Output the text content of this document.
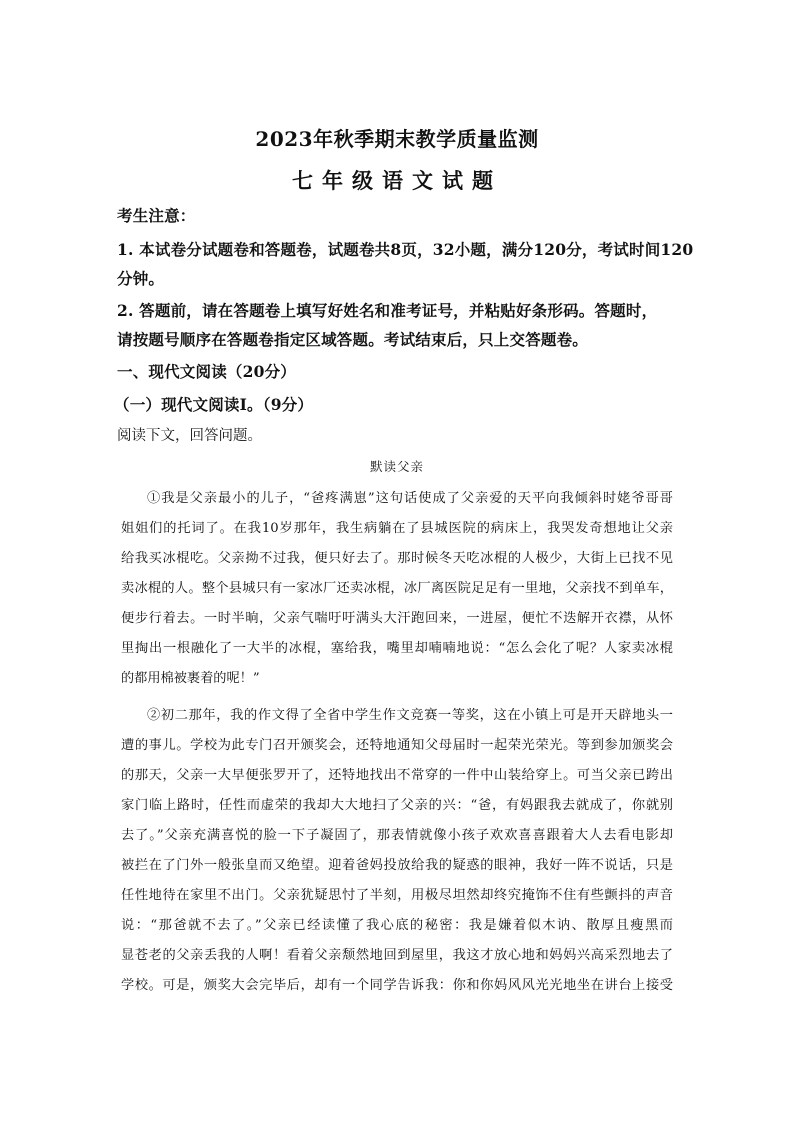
2023年秋季期末教学质量监测
七年级语文试题
考生注意：
1. 本试卷分试题卷和答题卷，试题卷共8页，32小题，满分120分，考试时间120
分钟。
2. 答题前，请在答题卷上填写好姓名和准考证号，并粘贴好条形码。答题时，
请按题号顺序在答题卷指定区域答题。考试结束后，只上交答题卷。
一、现代文阅读（20分）
（一）现代文阅读Ⅰ。（9分）
阅读下文，回答问题。
默读父亲
①我是父亲最小的儿子，“爸疼满崽”这句话使成了父亲爱的天平向我倾斜时姥爷哥哥
姐姐们的托词了。在我10岁那年，我生病躺在了县城医院的病床上，我哭发奇想地让父亲
给我买冰棍吃。父亲拗不过我，便只好去了。那时候冬天吃冰棍的人极少，大街上已找不见
卖冰棍的人。整个县城只有一家冰厂还卖冰棍，冰厂离医院足足有一里地，父亲找不到单车，
便步行着去。一时半晌，父亲气喘吁吁满头大汗跑回来，一进屋，便忙不迭解开衣襟，从怀
里掏出一根融化了一大半的冰棍，塞给我，嘴里却喃喃地说：“怎么会化了呢？人家卖冰棍
的都用棉被裹着的呢！”
②初二那年，我的作文得了全省中学生作文竞赛一等奖，这在小镇上可是开天辟地头一
遭的事儿。学校为此专门召开颁奖会，还特地通知父母届时一起荣光荣光。等到参加颁奖会
的那天，父亲一大早便张罗开了，还特地找出不常穿的一件中山装给穿上。可当父亲已跨出
家门临上路时，任性而虚荣的我却大大地扫了父亲的兴：“爸，有妈跟我去就成了，你就别
去了。”父亲充满喜悦的脸一下子凝固了，那表情就像小孩子欢欢喜喜跟着大人去看电影却
被拦在了门外一般张皇而又绝望。迎着爸妈投放给我的疑惑的眼神，我好一阵不说话，只是
任性地待在家里不出门。父亲犹疑思忖了半刻，用极尽坦然却终究掩饰不住有些颤抖的声音
说：“那爸就不去了。”父亲已经读懂了我心底的秘密：我是嫌着似木讷、散厚且瘦黑而
显苍老的父亲丢我的人啊！看着父亲颓然地回到屋里，我这才放心地和妈妈兴高采烈地去了
学校。可是，颁奖大会完毕后，却有一个同学告诉我：你和你妈风风光光地坐在讲台上接受
